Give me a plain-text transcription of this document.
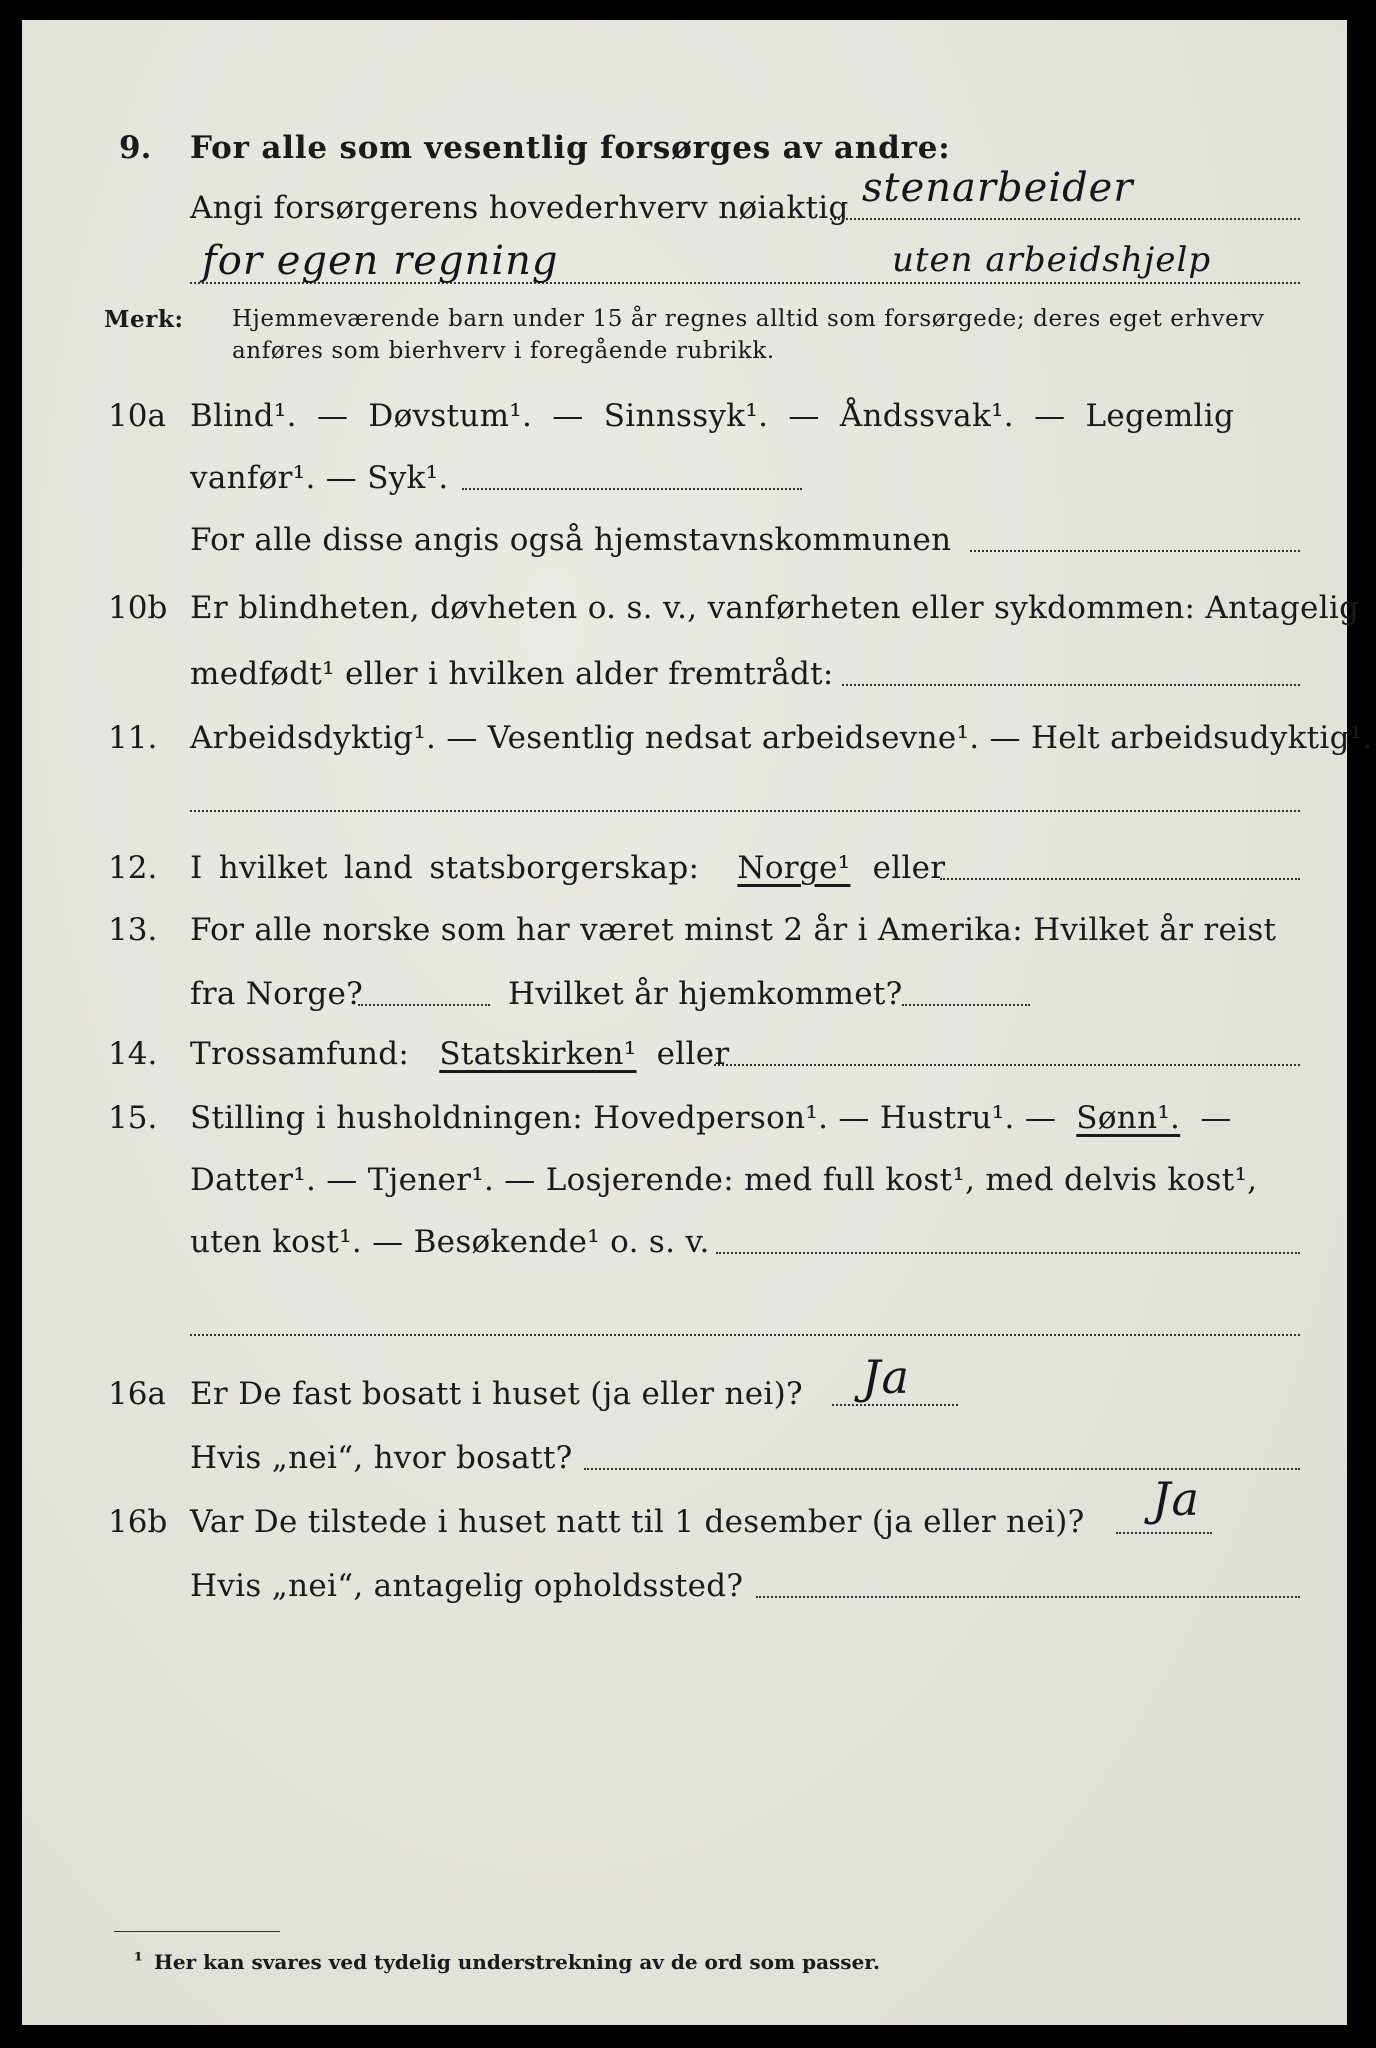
9. For alle som vesentlig forsørges av andre:
Angi forsørgerens hovederhverv nøiaktig stenarbeider
for egen regning	uten arbeidshjelp
Merk: Hjemmeværende barn under 15 år regnes alltid som forsørgede; deres eget erhverv
anføres som bierhverv i foregående rubrikk.
10a Blind¹. — Døvstum¹. — Sinnssyk¹. — Åndssvak¹. — Legemlig
vanfør¹. — Syk¹.
For alle disse angis også hjemstavnskommunen
10b Er blindheten, døvheten o. s. v., vanførheten eller sykdommen: Antagelig
medfødt¹ eller i hvilken alder fremtrådt:
11. Arbeidsdyktig¹. — Vesentlig nedsat arbeidsevne¹. — Helt arbeidsudyktig¹.
12. I hvilket land statsborgerskap: Norge¹ eller
13. For alle norske som har været minst 2 år i Amerika: Hvilket år reist
fra Norge?	Hvilket år hjemkommet?
14. Trossamfund: Statskirken¹ eller
15. Stilling i husholdningen: Hovedperson¹. — Hustru¹. — Sønn¹. —
Datter¹. — Tjener¹. — Losjerende: med full kost¹, med delvis kost¹,
uten kost¹. — Besøkende¹ o. s. v.
16a Er De fast bosatt i huset (ja eller nei)? Ja
Hvis „nei“, hvor bosatt?
16b Var De tilstede i huset natt til 1 desember (ja eller nei)? Ja
Hvis „nei“, antagelig opholdssted?
¹ Her kan svares ved tydelig understrekning av de ord som passer.
